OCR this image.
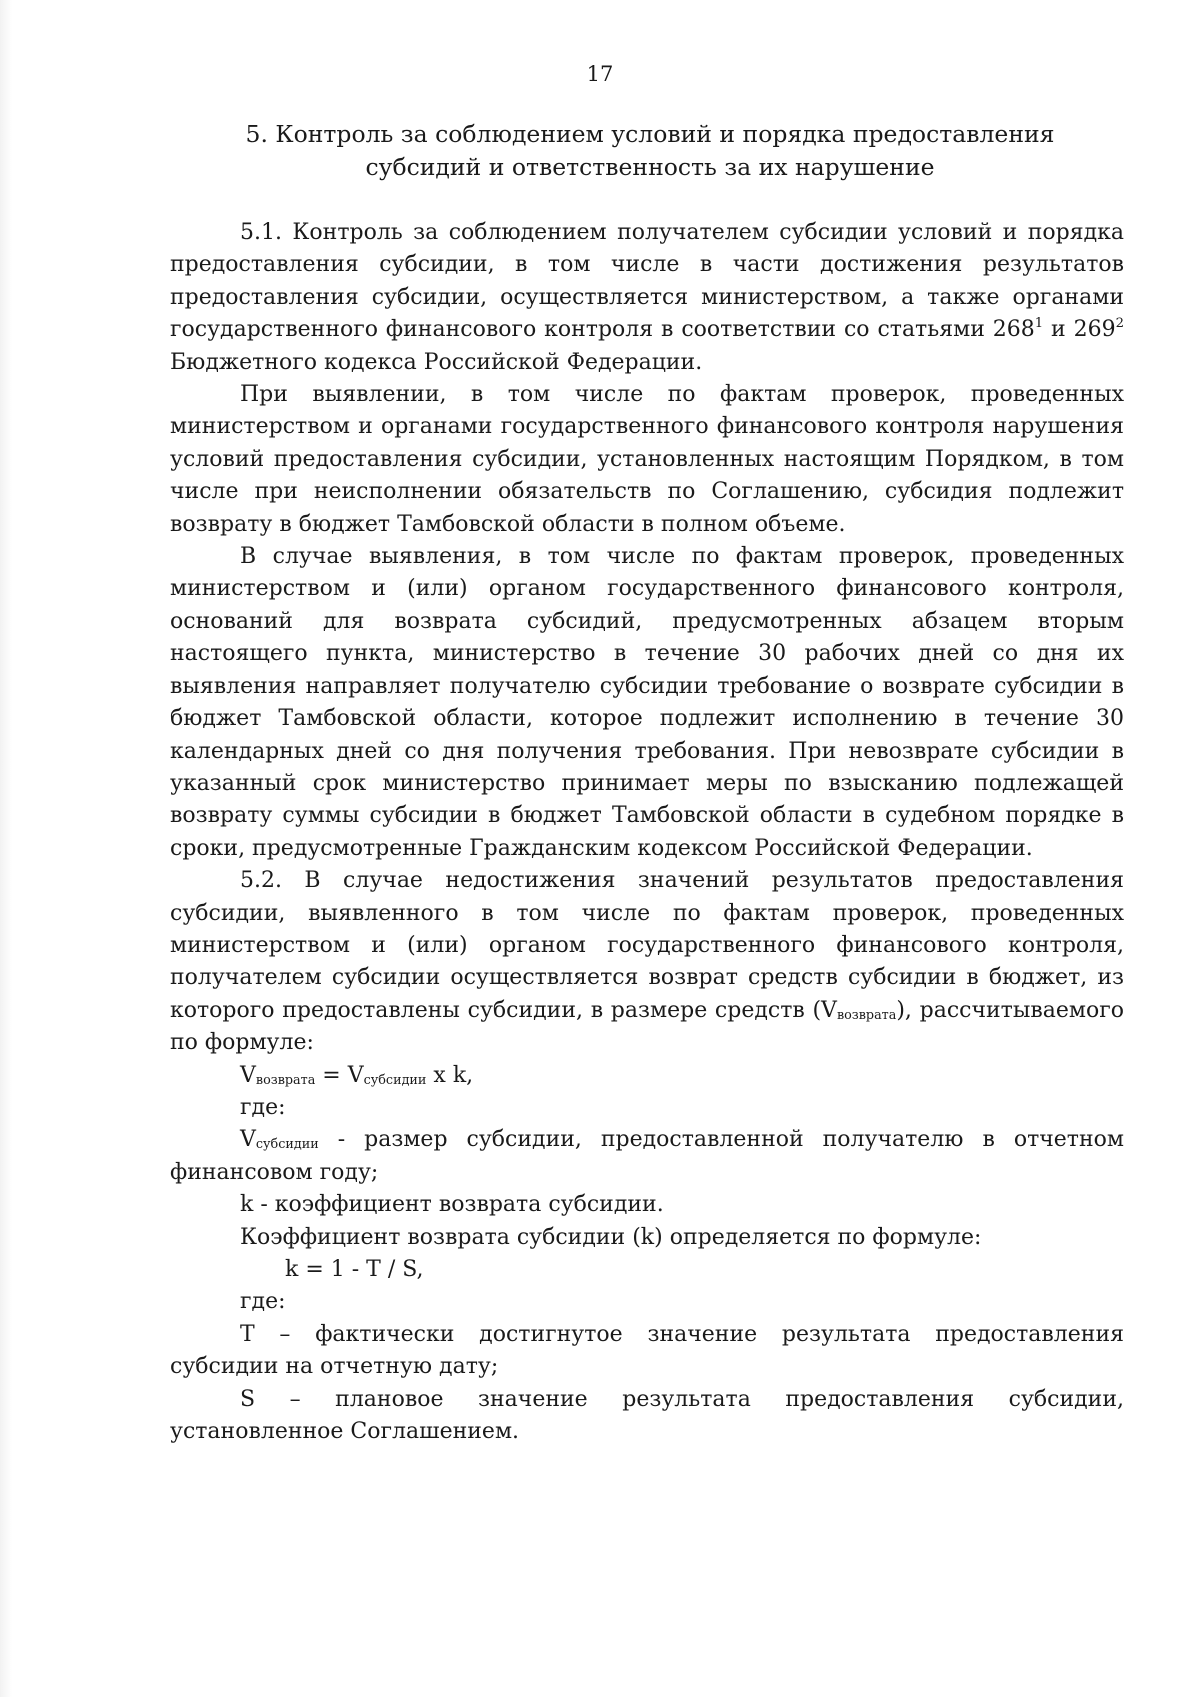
17
5. Контроль за соблюдением условий и порядка предоставления
субсидий и ответственность за их нарушение

5.1. Контроль за соблюдением получателем субсидии условий и порядка предоставления субсидии, в том числе в части достижения результатов предоставления субсидии, осуществляется министерством, а также органами государственного финансового контроля в соответствии со статьями $268^1$ и $269^2$ Бюджетного кодекса Российской Федерации.

При выявлении, в том числе по фактам проверок, проведенных министерством и органами государственного финансового контроля нарушения условий предоставления субсидии, установленных настоящим Порядком, в том числе при неисполнении обязательств по Соглашению, субсидия подлежит возврату в бюджет Тамбовской области в полном объеме.

В случае выявления, в том числе по фактам проверок, проведенных министерством и (или) органом государственного финансового контроля, оснований для возврата субсидий, предусмотренных абзацем вторым настоящего пункта, министерство в течение 30 рабочих дней со дня их выявления направляет получателю субсидии требование о возврате субсидии в бюджет Тамбовской области, которое подлежит исполнению в течение 30 календарных дней со дня получения требования. При невозврате субсидии в указанный срок министерство принимает меры по взысканию подлежащей возврату суммы субсидии в бюджет Тамбовской области в судебном порядке в сроки, предусмотренные Гражданским кодексом Российской Федерации.

5.2. В случае недостижения значений результатов предоставления субсидии, выявленного в том числе по фактам проверок, проведенных министерством и (или) органом государственного финансового контроля, получателем субсидии осуществляется возврат средств субсидии в бюджет, из которого предоставлены субсидии, в размере средств $(V_{возврата})$, рассчитываемого по формуле:

$V_{возврата} = V_{субсидии}$ x k,

где:

$V_{субсидии}$ - размер субсидии, предоставленной получателю в отчетном финансовом году;

k - коэффициент возврата субсидии.

Коэффициент возврата субсидии (k) определяется по формуле:

k = 1 - T / S,

где:

Т – фактически достигнутое значение результата предоставления субсидии на отчетную дату;

S – плановое значение результата предоставления субсидии, установленное Соглашением.
